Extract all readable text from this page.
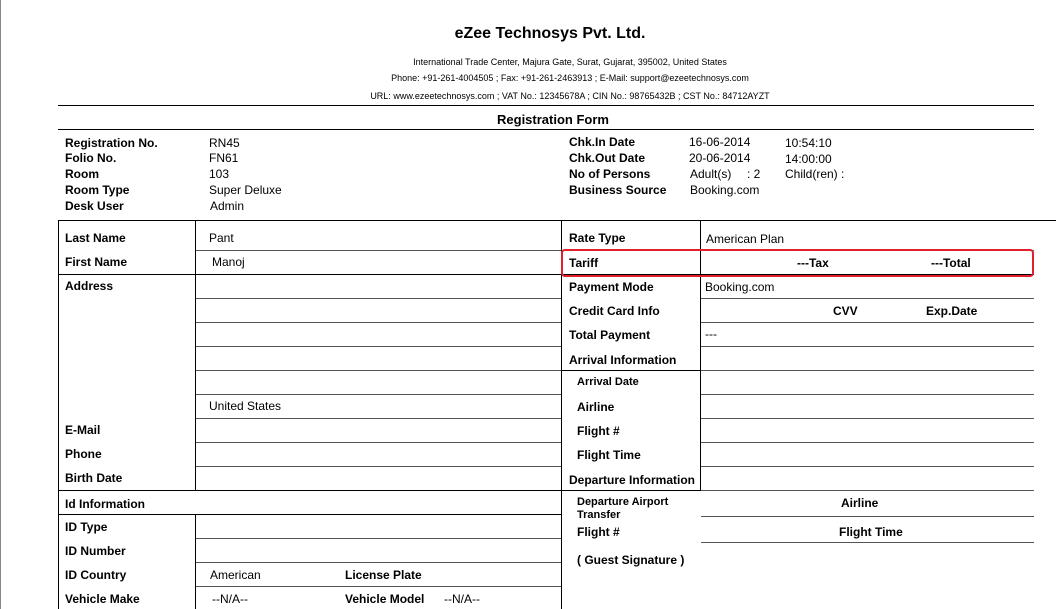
eZee Technosys Pvt. Ltd.
International Trade Center, Majura Gate, Surat, Gujarat, 395002, United States
Phone: +91-261-4004505 ; Fax: +91-261-2463913 ; E-Mail: support@ezeetechnosys.com
URL: www.ezeetechnosys.com ; VAT No.: 12345678A ; CIN No.: 98765432B ; CST No.: 84712AYZT
Registration Form
Registration No.	RN45
Folio No.	FN61
Room	103
Room Type	Super Deluxe
Desk User	Admin
Chk.In Date	16-06-2014	10:54:10
Chk.Out Date	20-06-2014	14:00:00
No of Persons	Adult(s) : 2 Child(ren) :
Business Source Booking.com
Last Name	Pant
First Name	Manoj
Address
United States
E-Mail
Phone
Birth Date
Id Information
ID Type
ID Number
ID Country	American	License Plate
Vehicle Make	--N/A--	Vehicle Model --N/A--
Rate Type	American Plan
Tariff	---Tax	---Total
Payment Mode	Booking.com
Credit Card Info	CVV	Exp.Date
Total Payment	---
Arrival Information
Arrival Date
Airline
Flight #
Flight Time
Departure Information
Departure Airport
Transfer
Airline
Flight #	Flight Time
( Guest Signature )
